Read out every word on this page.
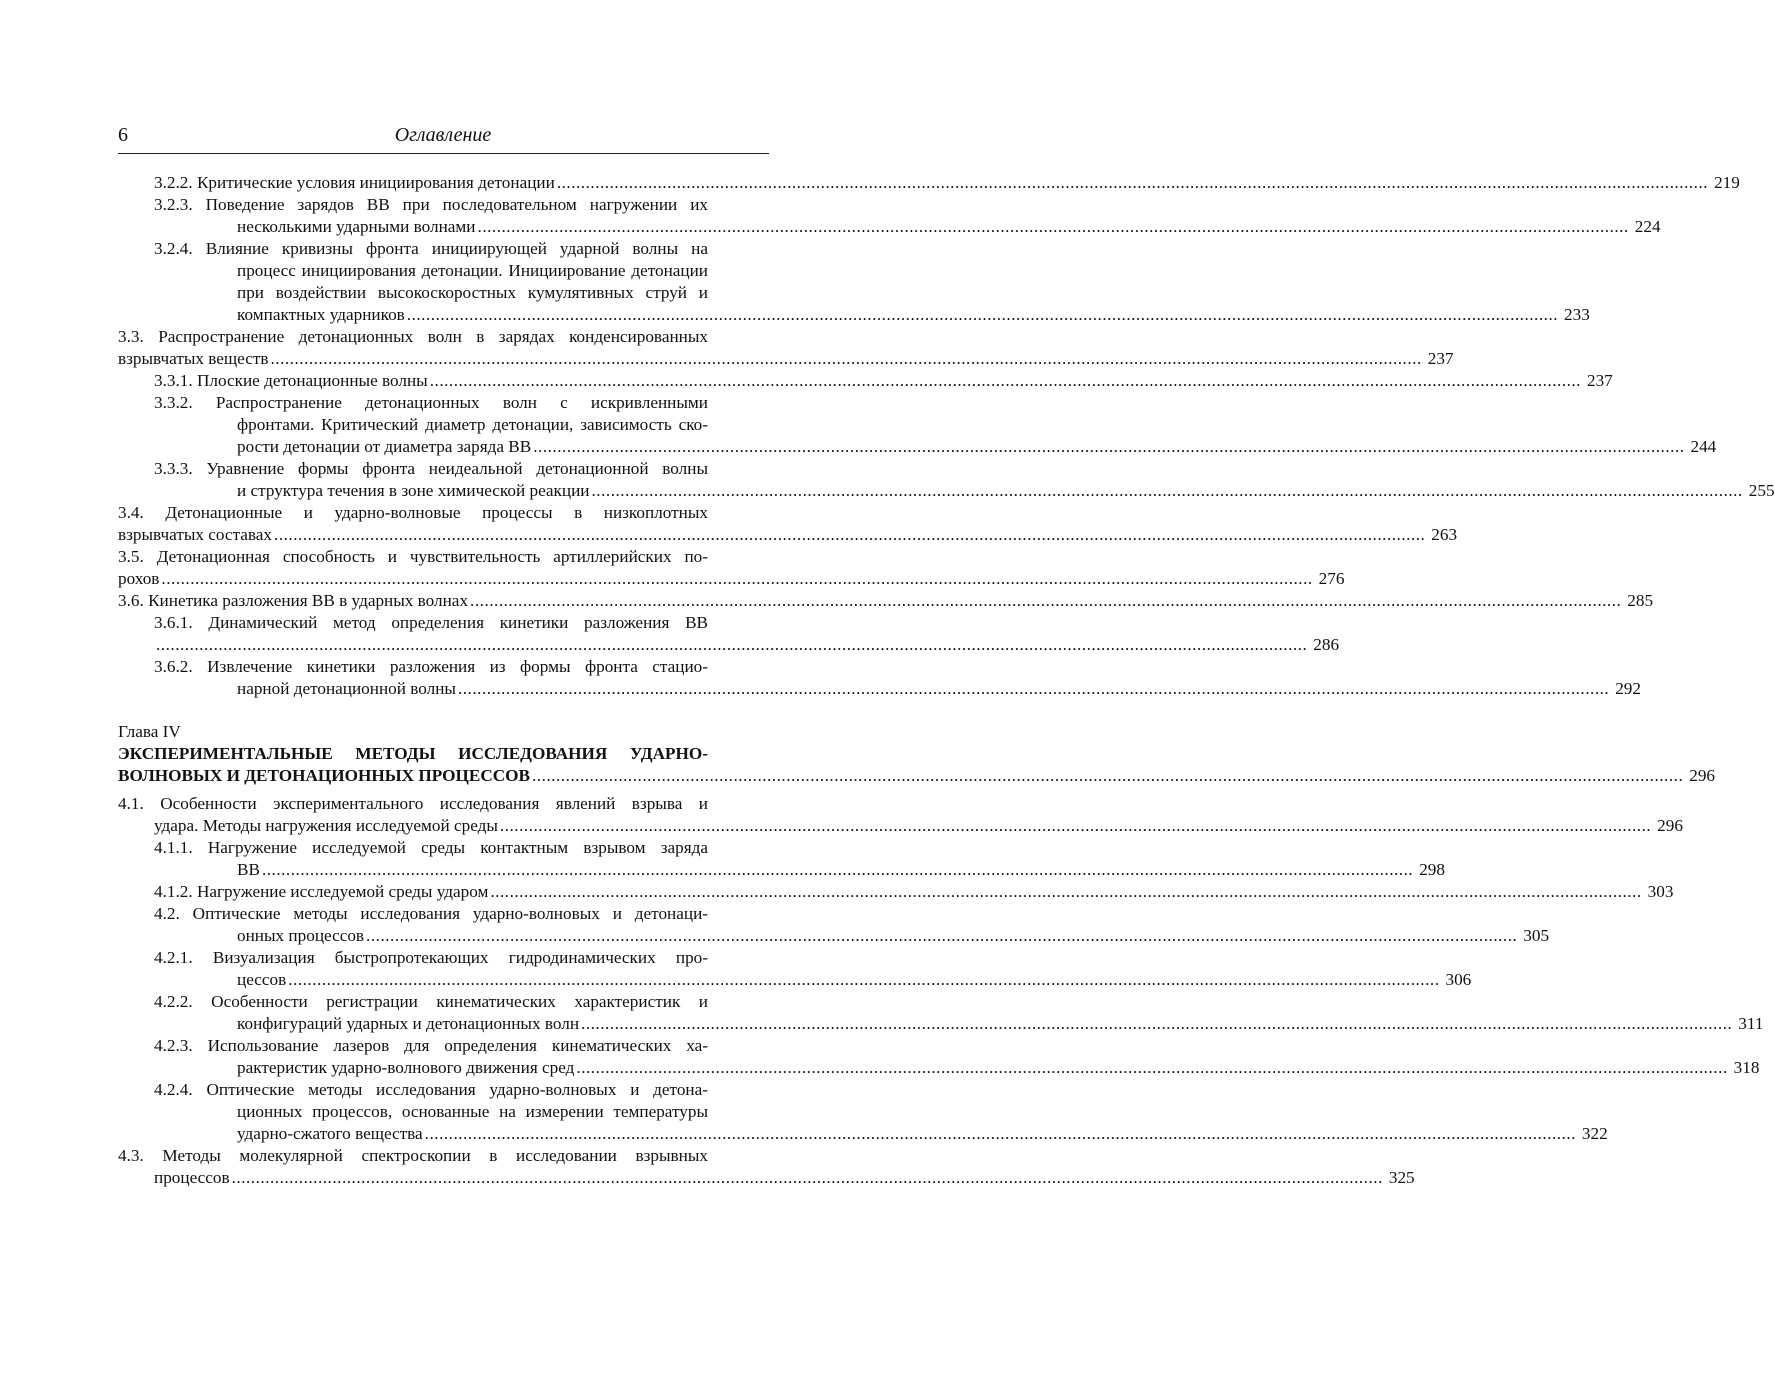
6	Оглавление
3.2.2. Критические условия инициирования детонации .....	219
3.2.3. Поведение зарядов ВВ при последовательном нагружении их
несколькими ударными волнами .....	224
3.2.4. Влияние кривизны фронта инициирующей ударной волны на
процесс инициирования детонации. Инициирование детонации
при воздействии высокоскоростных кумулятивных струй и
компактных ударников .....	233
3.3. Распространение детонационных волн в зарядах конденсированных
взрывчатых веществ .....	237
3.3.1. Плоские детонационные волны .....	237
3.3.2. Распространение детонационных волн с искривленными
фронтами. Критический диаметр детонации, зависимость ско-
рости детонации от диаметра заряда ВВ .....	244
3.3.3. Уравнение формы фронта неидеальной детонационной волны
и структура течения в зоне химической реакции .....	255
3.4. Детонационные и ударно-волновые процессы в низкоплотных
взрывчатых составах .....	263
3.5. Детонационная способность и чувствительность артиллерийских по-
рохов .....	276
3.6. Кинетика разложения ВВ в ударных волнах .....	285
3.6.1. Динамический метод определения кинетики разложения ВВ
..... 286
3.6.2. Извлечение кинетики разложения из формы фронта стацио-
нарной детонационной волны .....	292
Глава IV
ЭКСПЕРИМЕНТАЛЬНЫЕ МЕТОДЫ ИССЛЕДОВАНИЯ УДАРНО-
ВОЛНОВЫХ И ДЕТОНАЦИОННЫХ ПРОЦЕССОВ .....	296
4.1. Особенности экспериментального исследования явлений взрыва и
удара. Методы нагружения исследуемой среды .....	296
4.1.1. Нагружение исследуемой среды контактным взрывом заряда
ВВ .....	298
4.1.2. Нагружение исследуемой среды ударом .....	303
4.2. Оптические методы исследования ударно-волновых и детонаци-
онных процессов .....	305
4.2.1. Визуализация быстропротекающих гидродинамических про-
цессов .....	306
4.2.2. Особенности регистрации кинематических характеристик и
конфигураций ударных и детонационных волн .....	311
4.2.3. Использование лазеров для определения кинематических ха-
рактеристик ударно-волнового движения сред .....	318
4.2.4. Оптические методы исследования ударно-волновых и детона-
ционных процессов, основанные на измерении температуры
ударно-сжатого вещества .....	322
4.3. Методы молекулярной спектроскопии в исследовании взрывных
процессов .....	325
